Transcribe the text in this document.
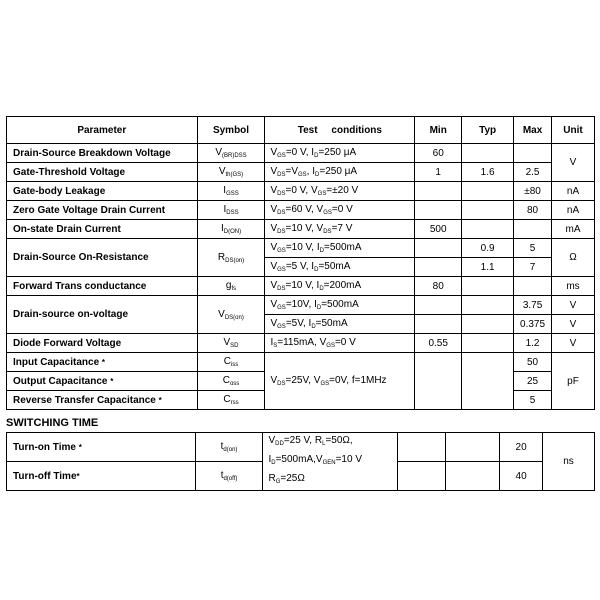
Parameter	Symbol	Test     conditions	Min	Typ	Max	Unit
Drain-Source Breakdown Voltage	$V_{(BR)DSS}$	$V_{GS}=0$ V, $I_D=250$ μA	60			V
Gate-Threshold Voltage	$V_{th(GS)}$	$V_{DS}=V_{GS}$, $I_D=250$ μA	1	1.6	2.5	
Gate-body Leakage	$I_{GSS}$	$V_{DS}=0$ V, $V_{GS}=\pm 20$ V			±80	nA
Zero Gate Voltage Drain Current	$I_{DSS}$	$V_{DS}=60$ V, $V_{GS}=0$ V			80	nA
On-state Drain Current	$I_{D(ON)}$	$V_{DS}=10$ V, $V_{DS}=7$ V	500			mA
Drain-Source On-Resistance	$R_{DS(on)}$	$V_{GS}=10$ V, $I_D=500mA$		0.9	5	Ω
		$V_{GS}=5$ V, $I_D=50mA$		1.1	7	
Forward Trans conductance	$g_{fs}$	$V_{DS}=10$ V, $I_D=200mA$	80			ms
Drain-source on-voltage	$V_{DS(on)}$	$V_{GS}=10V$, $I_D=500mA$			3.75	V
		$V_{GS}=5V$, $I_D=50mA$			0.375	V
Diode Forward Voltage	$V_{SD}$	$I_S=115mA$, $V_{GS}=0$ V	0.55		1.2	V
Input Capacitance *	$C_{iss}$	$V_{DS}=25V$, $V_{GS}=0V$, f=1MHz			50	pF
Output Capacitance *	$C_{oss}$				25	
Reverse Transfer Capacitance *	$C_{rss}$				5	
SWITCHING TIME
Turn-on Time *	$t_{d(on)}$	$V_{DD}=25$ V, $R_L=50\Omega$,
$I_D=500mA,V_{GEN}=10$ V
$R_G=25\Omega$			20	ns
Turn-off Time*	$t_{d(off)}$				40	
